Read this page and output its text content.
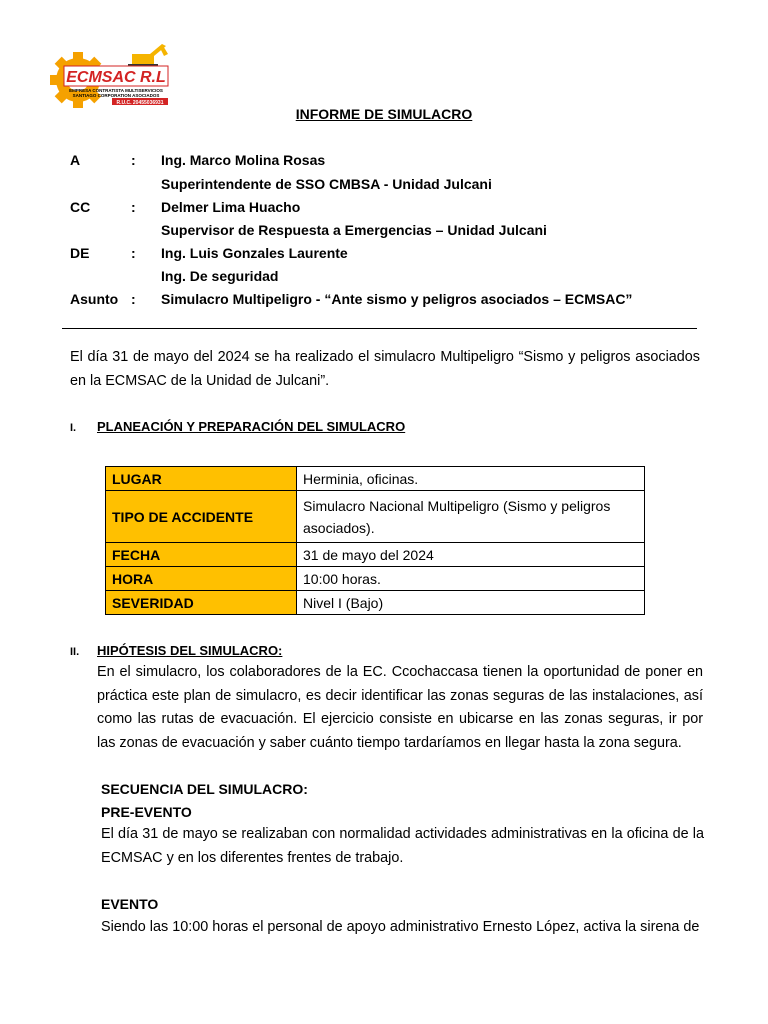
ECMSAC R.L
EMPRESA CONTRATISTA MULTISERVICIOS
SANTIAGO CORPORATION ASOCIADOS
R.U.C. 20455036931
INFORME DE SIMULACRO
A	: Ing. Marco Molina Rosas
Superintendente de SSO CMBSA - Unidad Julcani
CC	: Delmer Lima Huacho
Supervisor de Respuesta a Emergencias – Unidad Julcani
DE	: Ing. Luis Gonzales Laurente
Ing. De seguridad
Asunto : Simulacro Multipeligro - “Ante sismo y peligros asociados – ECMSAC”
El día 31 de mayo del 2024 se ha realizado el simulacro Multipeligro “Sismo y peligros asociados en la ECMSAC de la Unidad de Julcani”.
I. PLANEACIÓN Y PREPARACIÓN DEL SIMULACRO
LUGAR	Herminia, oficinas.
TIPO DE ACCIDENTE	Simulacro Nacional Multipeligro (Sismo y peligros asociados).
FECHA	31 de mayo del 2024
HORA	10:00 horas.
SEVERIDAD	Nivel I (Bajo)
II. HIPÓTESIS DEL SIMULACRO:
En el simulacro, los colaboradores de la EC. Ccochaccasa tienen la oportunidad de poner en práctica este plan de simulacro, es decir identificar las zonas seguras de las instalaciones, así como las rutas de evacuación. El ejercicio consiste en ubicarse en las zonas seguras, ir por las zonas de evacuación y saber cuánto tiempo tardaríamos en llegar hasta la zona segura.
SECUENCIA DEL SIMULACRO:
PRE-EVENTO
El día 31 de mayo se realizaban con normalidad actividades administrativas en la oficina de la ECMSAC y en los diferentes frentes de trabajo.
EVENTO
Siendo las 10:00 horas el personal de apoyo administrativo Ernesto López, activa la sirena de
